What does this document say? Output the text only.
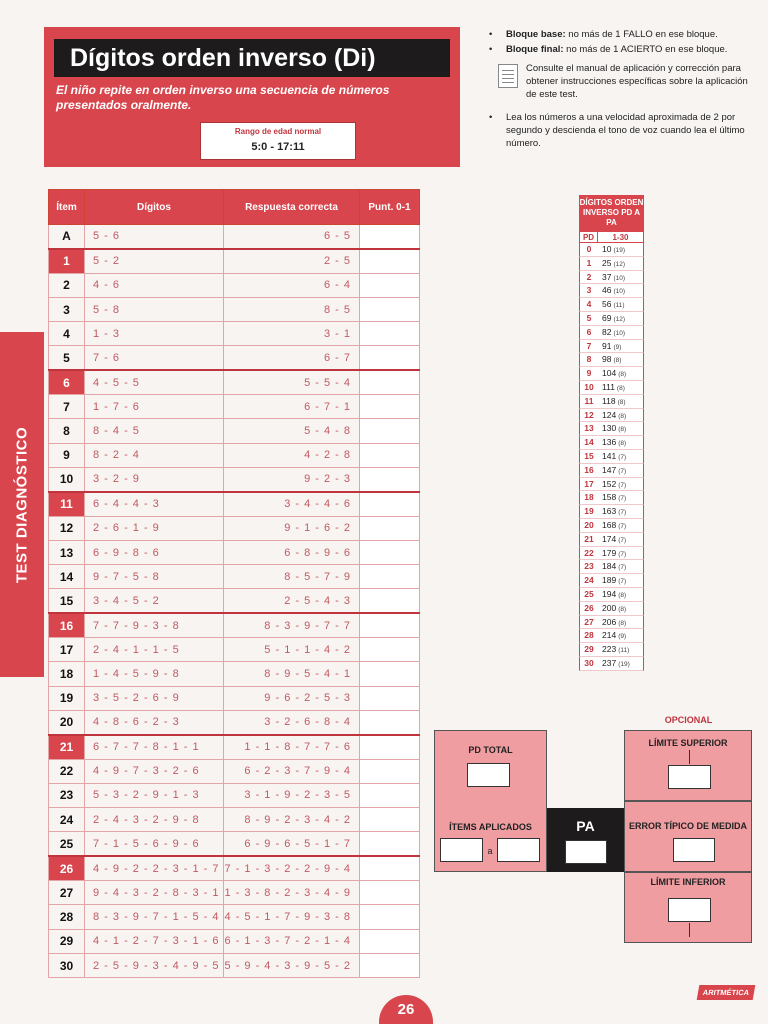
TEST DIAGNÓSTICO
Dígitos orden inverso (Di)
El niño repite en orden inverso una secuencia de números presentados oralmente.
Rango de edad normal
5:0 - 17:11
• Bloque base: no más de 1 FALLO en ese bloque.
• Bloque final: no más de 1 ACIERTO en ese bloque.
Consulte el manual de aplicación y corrección para obtener instrucciones específicas sobre la aplicación de este test.
• Lea los números a una velocidad aproximada de 2 por segundo y descienda el tono de voz cuando lea el último número.
Ítem	Dígitos	Respuesta correcta	Punt. 0-1
A	5 - 6	6 - 5	
1	5 - 2	2 - 5	
2	4 - 6	6 - 4	
3	5 - 8	8 - 5	
4	1 - 3	3 - 1	
5	7 - 6	6 - 7	
6	4 - 5 - 5	5 - 5 - 4	
7	1 - 7 - 6	6 - 7 - 1	
8	8 - 4 - 5	5 - 4 - 8	
9	8 - 2 - 4	4 - 2 - 8	
10	3 - 2 - 9	9 - 2 - 3	
11	6 - 4 - 4 - 3	3 - 4 - 4 - 6	
12	2 - 6 - 1 - 9	9 - 1 - 6 - 2	
13	6 - 9 - 8 - 6	6 - 8 - 9 - 6	
14	9 - 7 - 5 - 8	8 - 5 - 7 - 9	
15	3 - 4 - 5 - 2	2 - 5 - 4 - 3	
16	7 - 7 - 9 - 3 - 8	8 - 3 - 9 - 7 - 7	
17	2 - 4 - 1 - 1 - 5	5 - 1 - 1 - 4 - 2	
18	1 - 4 - 5 - 9 - 8	8 - 9 - 5 - 4 - 1	
19	3 - 5 - 2 - 6 - 9	9 - 6 - 2 - 5 - 3	
20	4 - 8 - 6 - 2 - 3	3 - 2 - 6 - 8 - 4	
21	6 - 7 - 7 - 8 - 1 - 1	1 - 1 - 8 - 7 - 7 - 6	
22	4 - 9 - 7 - 3 - 2 - 6	6 - 2 - 3 - 7 - 9 - 4	
23	5 - 3 - 2 - 9 - 1 - 3	3 - 1 - 9 - 2 - 3 - 5	
24	2 - 4 - 3 - 2 - 9 - 8	8 - 9 - 2 - 3 - 4 - 2	
25	7 - 1 - 5 - 6 - 9 - 6	6 - 9 - 6 - 5 - 1 - 7	
26	4 - 9 - 2 - 2 - 3 - 1 - 7	7 - 1 - 3 - 2 - 2 - 9 - 4	
27	9 - 4 - 3 - 2 - 8 - 3 - 1	1 - 3 - 8 - 2 - 3 - 4 - 9	
28	8 - 3 - 9 - 7 - 1 - 5 - 4	4 - 5 - 1 - 7 - 9 - 3 - 8	
29	4 - 1 - 2 - 7 - 3 - 1 - 6	6 - 1 - 3 - 7 - 2 - 1 - 4	
30	2 - 5 - 9 - 3 - 4 - 9 - 5	5 - 9 - 4 - 3 - 9 - 5 - 2	
DÍGITOS ORDEN INVERSO PD A PA
PD	1-30
0	10 (19)
1	25 (12)
2	37 (10)
3	46 (10)
4	56 (11)
5	69 (12)
6	82 (10)
7	91 (9)
8	98 (8)
9	104 (8)
10 111 (8)
11	118 (8)
12 124 (8)
13 130 (8)
14 136 (8)
15 141 (7)
16 147 (7)
17 152 (7)
18 158 (7)
19 163 (7)
20 168 (7)
21 174 (7)
22 179 (7)
23 184 (7)
24 189 (7)
25 194 (8)
26 200 (8)
27 206 (8)
28 214 (9)
29 223 (11)
30 237 (19)
OPCIONAL
PD TOTAL
ÍTEMS APLICADOS
a
PA
LÍMITE SUPERIOR
ERROR TÍPICO DE MEDIDA
LÍMITE INFERIOR
26
ARITMÉTICA
